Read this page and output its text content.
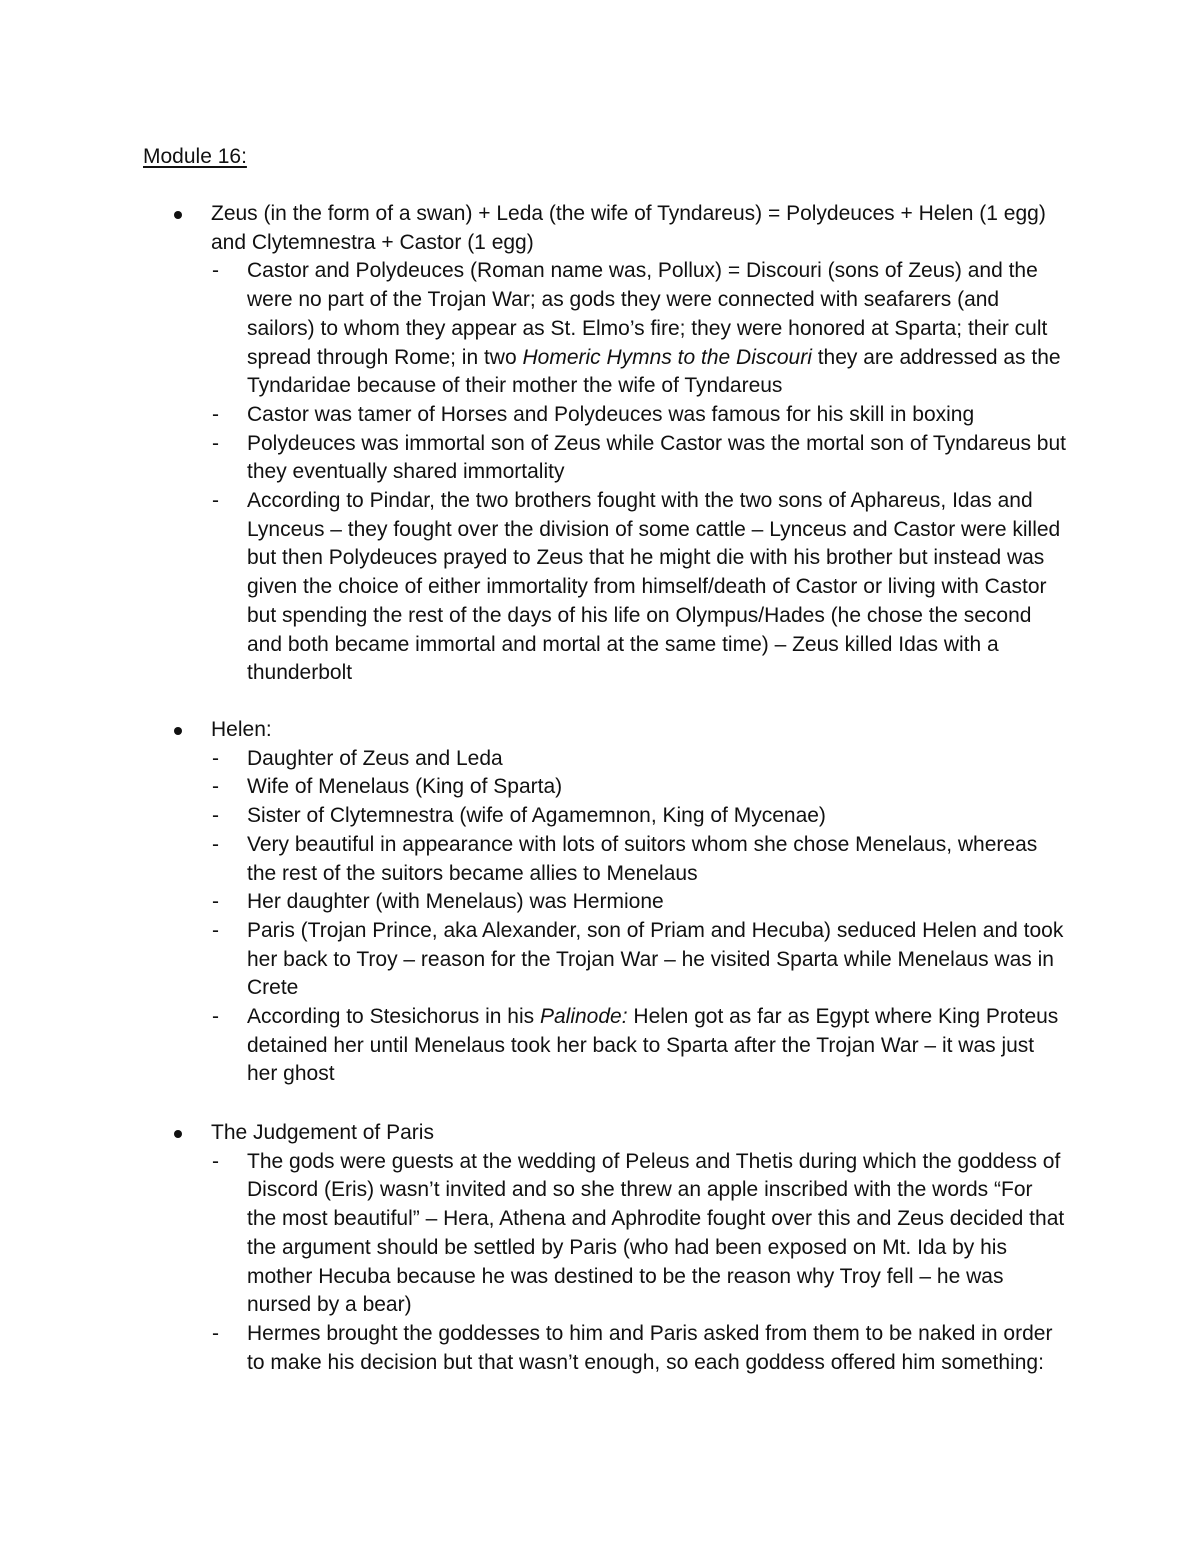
Module 16:
Zeus (in the form of a swan) + Leda (the wife of Tyndareus) = Polydeuces + Helen (1 egg) and Clytemnestra + Castor (1 egg)
- Castor and Polydeuces (Roman name was, Pollux) = Discouri (sons of Zeus) and the were no part of the Trojan War; as gods they were connected with seafarers (and sailors) to whom they appear as St. Elmo’s fire; they were honored at Sparta; their cult spread through Rome; in two Homeric Hymns to the Discouri they are addressed as the Tyndaridae because of their mother the wife of Tyndareus
- Castor was tamer of Horses and Polydeuces was famous for his skill in boxing
- Polydeuces was immortal son of Zeus while Castor was the mortal son of Tyndareus but they eventually shared immortality
- According to Pindar, the two brothers fought with the two sons of Aphareus, Idas and Lynceus – they fought over the division of some cattle – Lynceus and Castor were killed but then Polydeuces prayed to Zeus that he might die with his brother but instead was given the choice of either immortality from himself/death of Castor or living with Castor but spending the rest of the days of his life on Olympus/Hades (he chose the second and both became immortal and mortal at the same time) – Zeus killed Idas with a thunderbolt
Helen:
- Daughter of Zeus and Leda
- Wife of Menelaus (King of Sparta)
- Sister of Clytemnestra (wife of Agamemnon, King of Mycenae)
- Very beautiful in appearance with lots of suitors whom she chose Menelaus, whereas the rest of the suitors became allies to Menelaus
- Her daughter (with Menelaus) was Hermione
- Paris (Trojan Prince, aka Alexander, son of Priam and Hecuba) seduced Helen and took her back to Troy – reason for the Trojan War – he visited Sparta while Menelaus was in Crete
- According to Stesichorus in his Palinode: Helen got as far as Egypt where King Proteus detained her until Menelaus took her back to Sparta after the Trojan War – it was just her ghost
The Judgement of Paris
- The gods were guests at the wedding of Peleus and Thetis during which the goddess of Discord (Eris) wasn’t invited and so she threw an apple inscribed with the words “For the most beautiful” – Hera, Athena and Aphrodite fought over this and Zeus decided that the argument should be settled by Paris (who had been exposed on Mt. Ida by his mother Hecuba because he was destined to be the reason why Troy fell – he was nursed by a bear)
- Hermes brought the goddesses to him and Paris asked from them to be naked in order to make his decision but that wasn’t enough, so each goddess offered him something:
